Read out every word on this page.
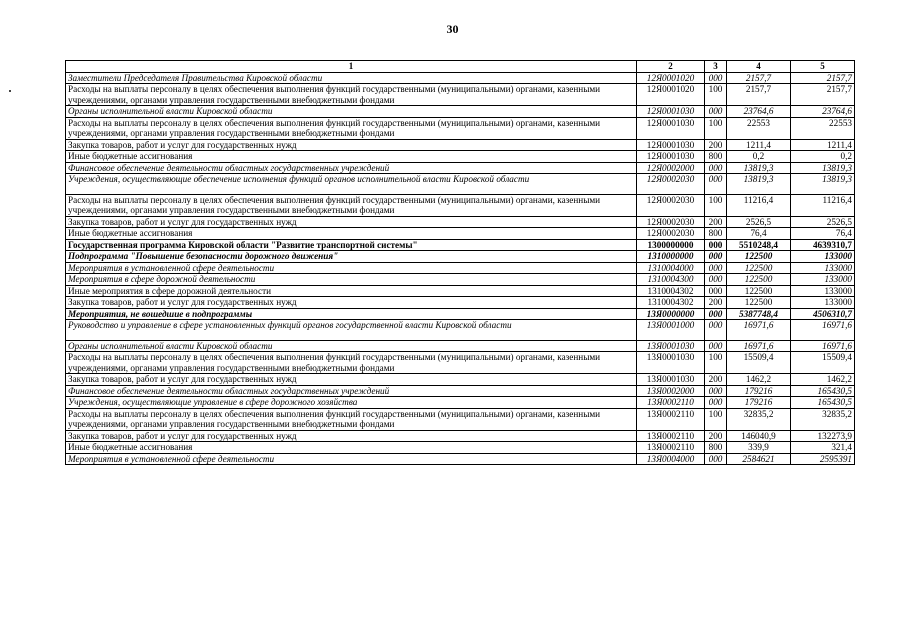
30
1	2	3	4	5
Заместители Председателя Правительства Кировской области	12Я0001020	000	2157,7	2157,7
Расходы на выплаты персоналу в целях обеспечения выполнения функций государственными (муниципальными) органами, казенными учреждениями, органами управления государственными внебюджетными фондами	12Я0001020	100	2157,7	2157,7
Органы исполнительной власти Кировской области	12Я0001030	000	23764,6	23764,6
Расходы на выплаты персоналу в целях обеспечения выполнения функций государственными (муниципальными) органами, казенными учреждениями, органами управления государственными внебюджетными фондами	12Я0001030	100	22553	22553
Закупка товаров, работ и услуг для государственных нужд	12Я0001030	200	1211,4	1211,4
Иные бюджетные ассигнования	12Я0001030	800	0,2	0,2
Финансовое обеспечение деятельности областных государственных учреждений	12Я0002000	000	13819,3	13819,3
Учреждения, осуществляющие обеспечение исполнения функций органов исполнительной власти Кировской области	12Я0002030	000	13819,3	13819,3
Расходы на выплаты персоналу в целях обеспечения выполнения функций государственными (муниципальными) органами, казенными учреждениями, органами управления государственными внебюджетными фондами	12Я0002030	100	11216,4	11216,4
Закупка товаров, работ и услуг для государственных нужд	12Я0002030	200	2526,5	2526,5
Иные бюджетные ассигнования	12Я0002030	800	76,4	76,4
Государственная программа Кировской области "Развитие транспортной системы"	1300000000	000	5510248,4	4639310,7
Подпрограмма "Повышение безопасности дорожного движения"	1310000000	000	122500	133000
Мероприятия в установленной сфере деятельности	1310004000	000	122500	133000
Мероприятия в сфере дорожной деятельности	1310004300	000	122500	133000
Иные мероприятия в сфере дорожной деятельности	1310004302	000	122500	133000
Закупка товаров, работ и услуг для государственных нужд	1310004302	200	122500	133000
Мероприятия, не вошедшие в подпрограммы	13Я0000000	000	5387748,4	4506310,7
Руководство и управление в сфере установленных функций органов государственной власти Кировской области	13Я0001000	000	16971,6	16971,6
Органы исполнительной власти Кировской области	13Я0001030	000	16971,6	16971,6
Расходы на выплаты персоналу в целях обеспечения выполнения функций государственными (муниципальными) органами, казенными учреждениями, органами управления государственными внебюджетными фондами	13Я0001030	100	15509,4	15509,4
Закупка товаров, работ и услуг для государственных нужд	13Я0001030	200	1462,2	1462,2
Финансовое обеспечение деятельности областных государственных учреждений	13Я0002000	000	179216	165430,5
Учреждения, осуществляющие управление в сфере дорожного хозяйства	13Я0002110	000	179216	165430,5
Расходы на выплаты персоналу в целях обеспечения выполнения функций государственными (муниципальными) органами, казенными учреждениями, органами управления государственными внебюджетными фондами	13Я0002110	100	32835,2	32835,2
Закупка товаров, работ и услуг для государственных нужд	13Я0002110	200	146040,9	132273,9
Иные бюджетные ассигнования	13Я0002110	800	339,9	321,4
Мероприятия в установленной сфере деятельности	13Я0004000	000	2584621	2595391
